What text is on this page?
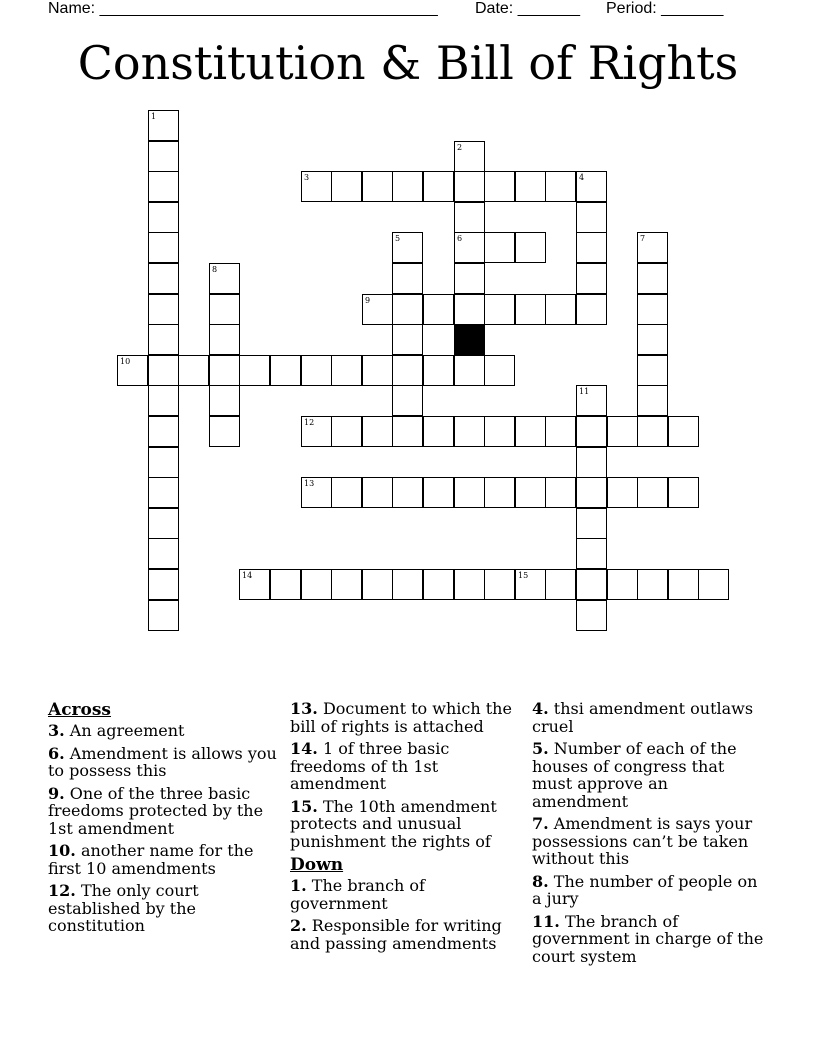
Name: ______________________________________ Date: _______ Period: _______
Constitution & Bill of Rights
1
2
6
3	4
5	7
8
9
10
11
12
13
14	15
Across
3. An agreement
6. Amendment is allows you to possess this
9. One of the three basic freedoms protected by the 1st amendment
10. another name for the first 10 amendments
12. The only court established by the constitution
13. Document to which the bill of rights is attached
14. 1 of three basic freedoms of th 1st amendment
15. The 10th amendment protects and unusual punishment the rights of
Down
1. The branch of government
2. Responsible for writing and passing amendments
4. thsi amendment outlaws cruel
5. Number of each of the houses of congress that must approve an amendment
7. Amendment is says your possessions can’t be taken without this
8. The number of people on a jury
11. The branch of government in charge of the court system
